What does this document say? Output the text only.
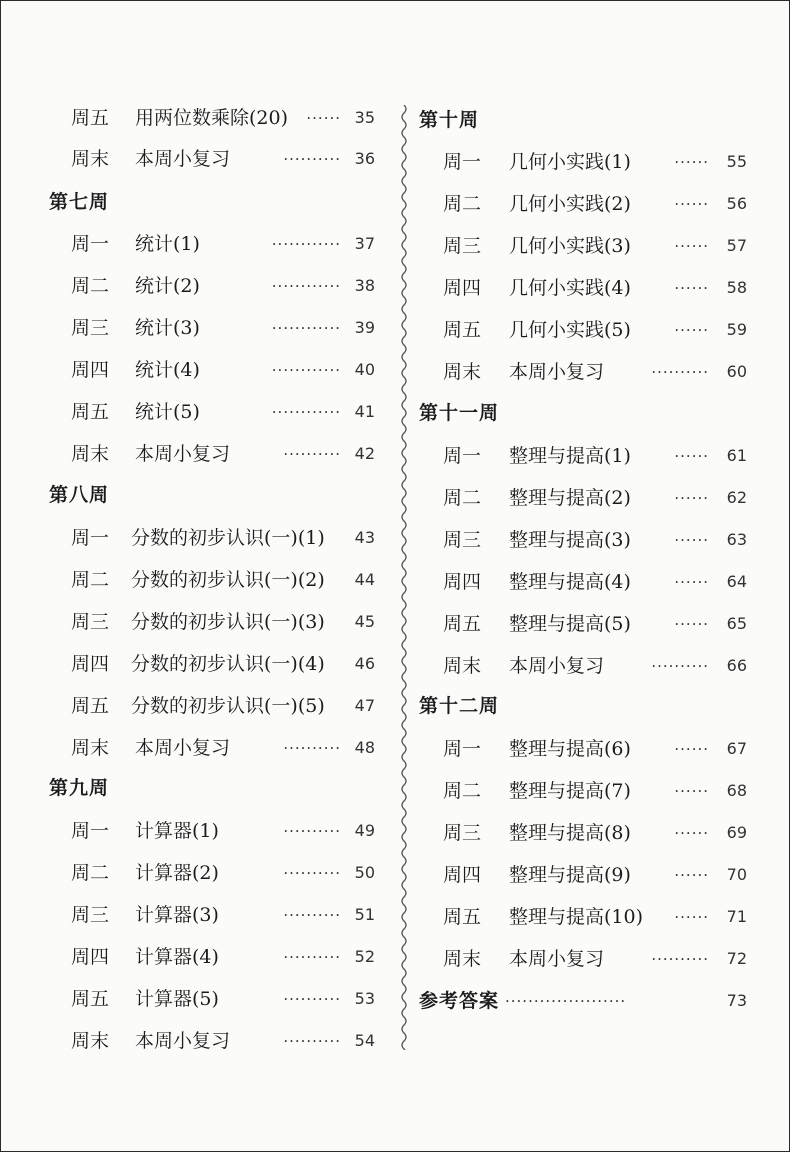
周五 用两位数乘除(20) ······ 35
周末 本周小复习	·········· 36
第七周
周一 统计(1)	············ 37
周二 统计(2)	············ 38
周三 统计(3)	············ 39
周四 统计(4)	············ 40
周五 统计(5)	············ 41
周末 本周小复习	·········· 42
第八周
周一 分数的初步认识(一)(1) 43
周二 分数的初步认识(一)(2) 44
周三 分数的初步认识(一)(3) 45
周四 分数的初步认识(一)(4) 46
周五 分数的初步认识(一)(5) 47
周末 本周小复习	·········· 48
第九周
周一 计算器(1)	·········· 49
周二 计算器(2)	·········· 50
周三 计算器(3)	·········· 51
周四 计算器(4)	·········· 52
周五 计算器(5)	·········· 53
周末 本周小复习	·········· 54
第十周
周一 几何小实践(1)	······ 55
周二 几何小实践(2)	······ 56
周三 几何小实践(3)	······ 57
周四 几何小实践(4)	······ 58
周五 几何小实践(5)	······ 59
周末 本周小复习	·········· 60
第十一周
周一 整理与提高(1)	······ 61
周二 整理与提高(2)	······ 62
周三 整理与提高(3)	······ 63
周四 整理与提高(4)	······ 64
周五 整理与提高(5)	······ 65
周末 本周小复习	·········· 66
第十二周
周一 整理与提高(6)	······ 67
周二 整理与提高(7)	······ 68
周三 整理与提高(8)	······ 69
周四 整理与提高(9)	······ 70
周五 整理与提高(10) ······ 71
周末 本周小复习	·········· 72
参考答案 ·····················	73
